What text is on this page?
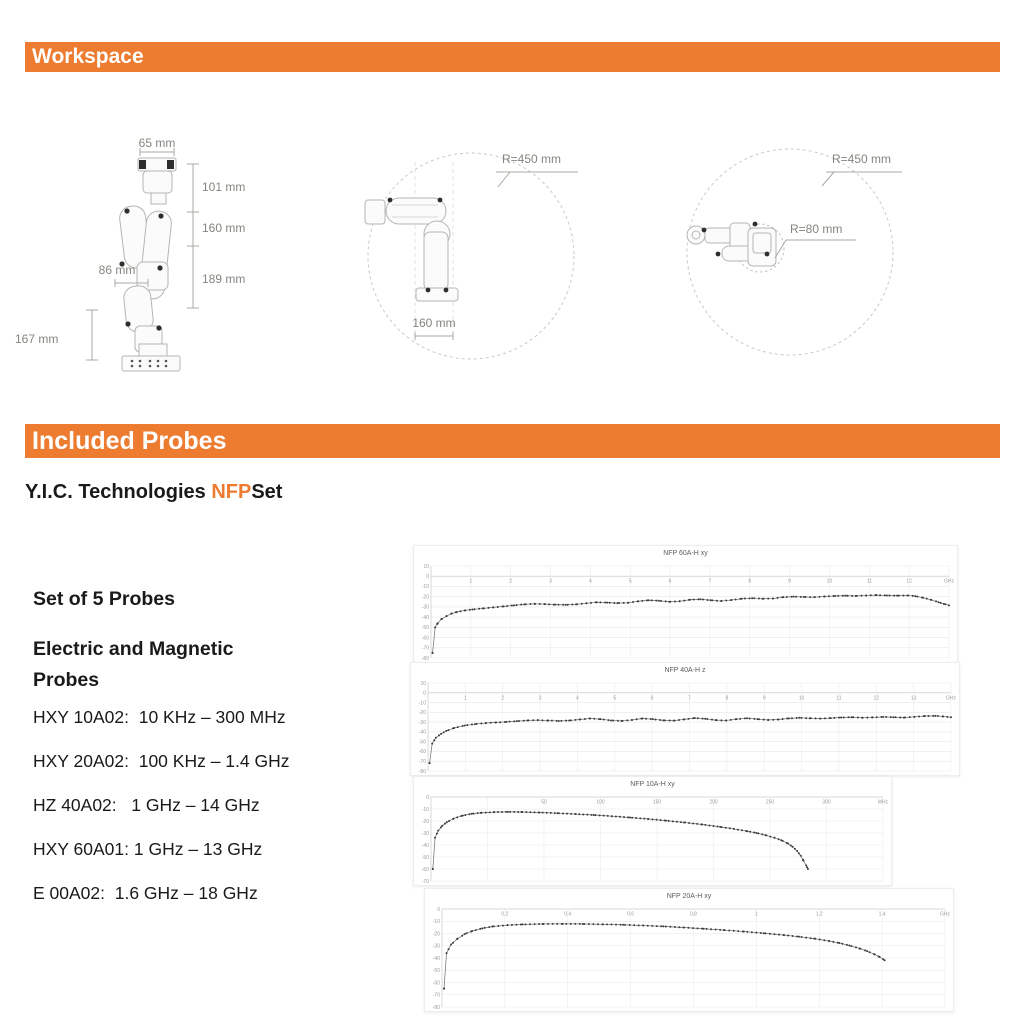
Workspace
65 mm
101 mm
160 mm
189 mm
86 mm
167 mm
R=450 mm
160 mm
R=450 mm
R=80 mm
Included Probes
Y.I.C. Technologies NFPSet
Set of 5 Probes
Electric and Magnetic Probes
HXY 10A02:  10 KHz – 300 MHz
HXY 20A02:  100 KHz – 1.4 GHz
HZ 40A02:   1 GHz – 14 GHz
HXY 60A01: 1 GHz – 13 GHz
E 00A02:  1.6 GHz – 18 GHz
NFP 60A-H xy
10
0
-10
-20
-30
-40
-50
-60
-70
-80
1	2	3	4	5	6	7	8	9	10	11	12	GHz
NFP 40A-H z
10
0
-10
-20
-30
-40
-50
-60
-70
-80
1	2	3	4	5	6	7	8	9	10	11	12	13	GHz
NFP 10A-H xy
0
-10
-20
-30
-40
-50
-60
-70
50	100	150	200	250	300	MHz
NFP 20A-H xy
0
-10
-20
-30
-40
-50
-60
-70
-80
0.2	0.4	0.6	0.8	1	1.2	1.4	GHz
